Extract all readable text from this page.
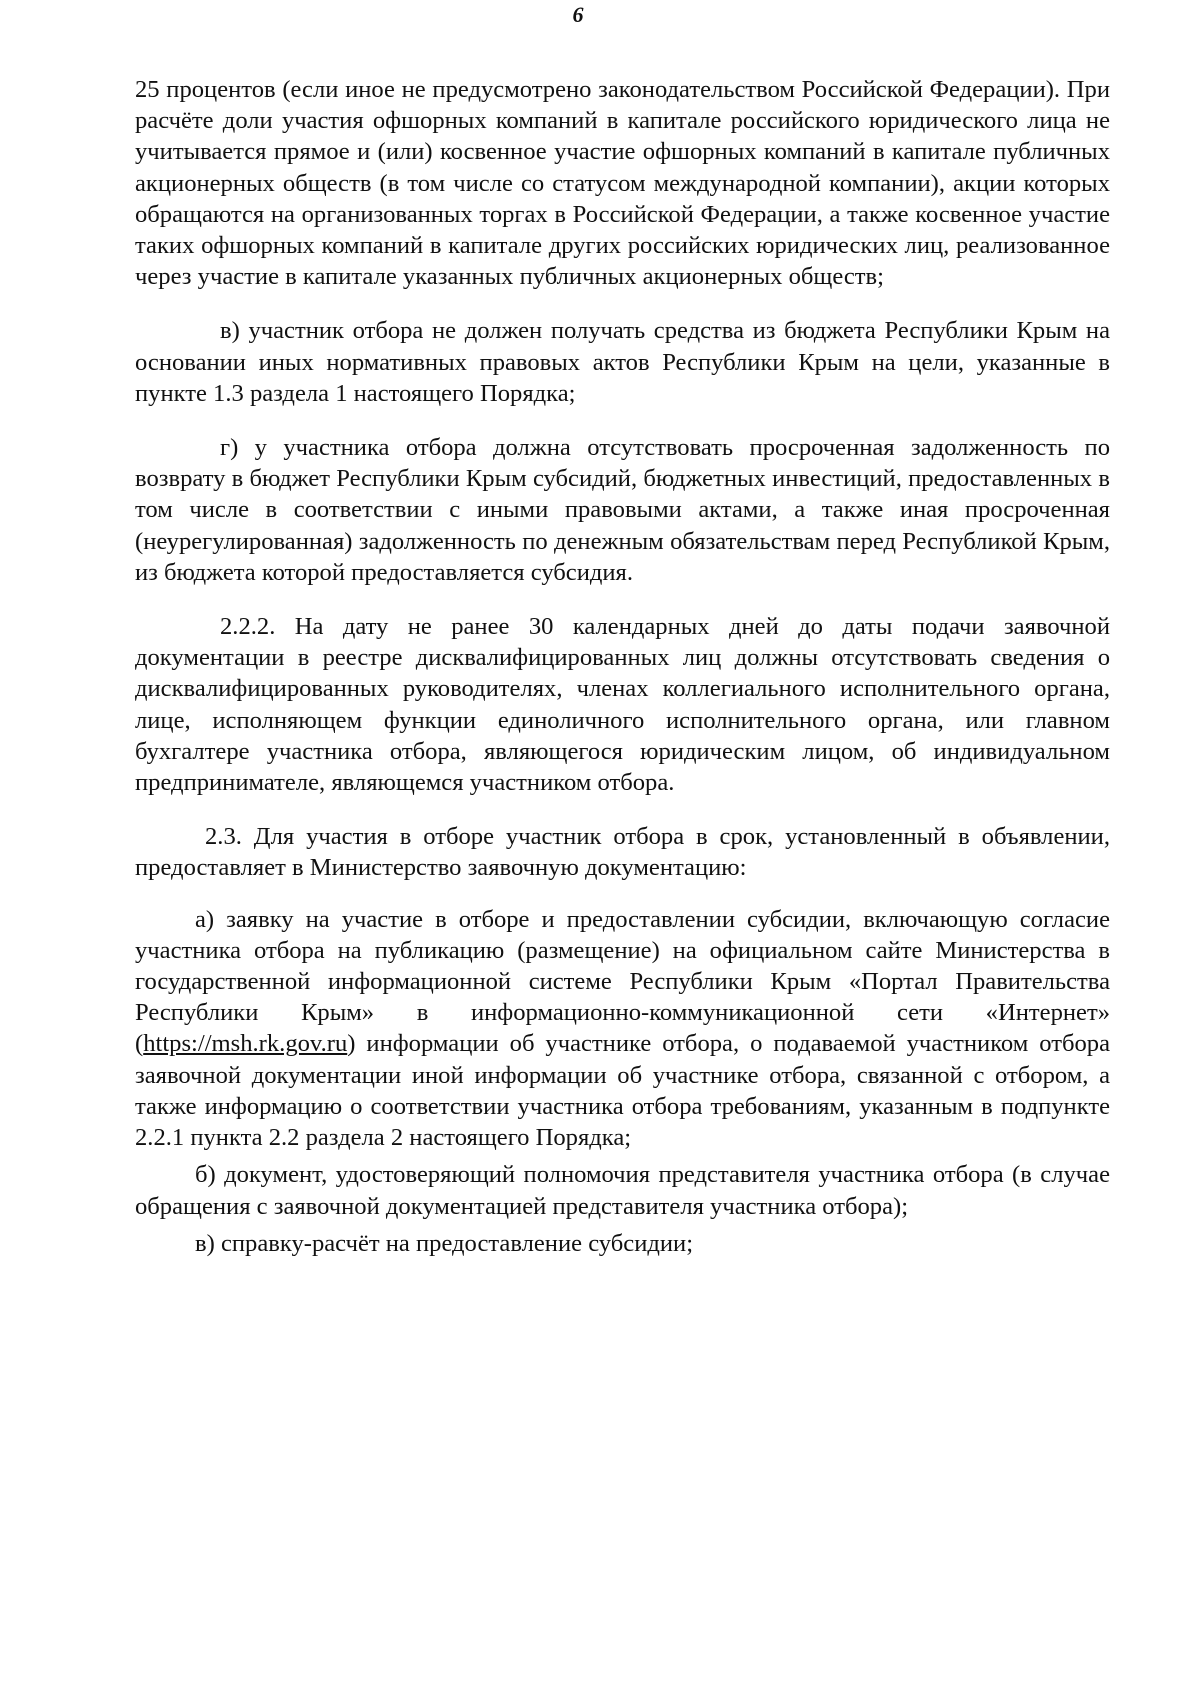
6

25 процентов (если иное не предусмотрено законодательством Российской Федерации). При расчёте доли участия офшорных компаний в капитале российского юридического лица не учитывается прямое и (или) косвенное участие офшорных компаний в капитале публичных акционерных обществ (в том числе со статусом международной компании), акции которых обращаются на организованных торгах в Российской Федерации, а также косвенное участие таких офшорных компаний в капитале других российских юридических лиц, реализованное через участие в капитале указанных публичных акционерных обществ;

в) участник отбора не должен получать средства из бюджета Республики Крым на основании иных нормативных правовых актов Республики Крым на цели, указанные в пункте 1.3 раздела 1 настоящего Порядка;

г) у участника отбора должна отсутствовать просроченная задолженность по возврату в бюджет Республики Крым субсидий, бюджетных инвестиций, предоставленных в том числе в соответствии с иными правовыми актами, а также иная просроченная (неурегулированная) задолженность по денежным обязательствам перед Республикой Крым, из бюджета которой предоставляется субсидия.

2.2.2. На дату не ранее 30 календарных дней до даты подачи заявочной документации в реестре дисквалифицированных лиц должны отсутствовать сведения о дисквалифицированных руководителях, членах коллегиального исполнительного органа, лице, исполняющем функции единоличного исполнительного органа, или главном бухгалтере участника отбора, являющегося юридическим лицом, об индивидуальном предпринимателе, являющемся участником отбора.

2.3. Для участия в отборе участник отбора в срок, установленный в объявлении, предоставляет в Министерство заявочную документацию:

а) заявку на участие в отборе и предоставлении субсидии, включающую согласие участника отбора на публикацию (размещение) на официальном сайте Министерства в государственной информационной системе Республики Крым «Портал Правительства Республики Крым» в информационно-коммуникационной сети «Интернет» (https://msh.rk.gov.ru) информации об участнике отбора, о подаваемой участником отбора заявочной документации иной информации об участнике отбора, связанной с отбором, а также информацию о соответствии участника отбора требованиям, указанным в подпункте 2.2.1 пункта 2.2 раздела 2 настоящего Порядка;

б) документ, удостоверяющий полномочия представителя участника отбора (в случае обращения с заявочной документацией представителя участника отбора);

в) справку-расчёт на предоставление субсидии;
